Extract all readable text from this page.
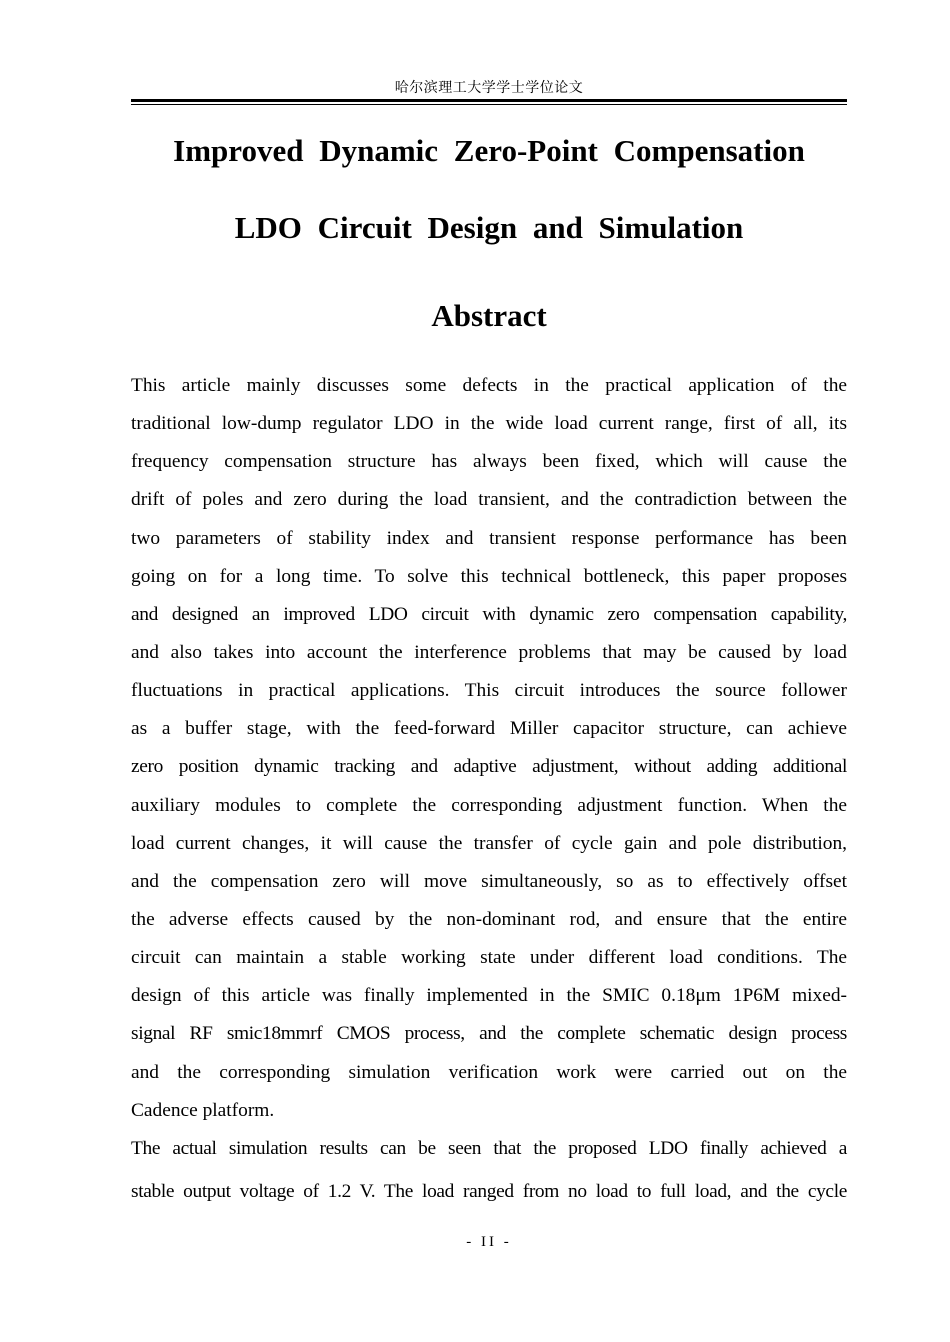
哈尔滨理工大学学士学位论文
Improved Dynamic Zero-Point Compensation
LDO Circuit Design and Simulation
Abstract
This article mainly discusses some defects in the practical application of the
traditional low-dump regulator LDO in the wide load current range, first of all, its
frequency compensation structure has always been fixed, which will cause the
drift of poles and zero during the load transient, and the contradiction between the
two parameters of stability index and transient response performance has been
going on for a long time. To solve this technical bottleneck, this paper proposes
and designed an improved LDO circuit with dynamic zero compensation capability,
and also takes into account the interference problems that may be caused by load
fluctuations in practical applications. This circuit introduces the source follower
as a buffer stage, with the feed-forward Miller capacitor structure, can achieve
zero position dynamic tracking and adaptive adjustment, without adding additional
auxiliary modules to complete the corresponding adjustment function. When the
load current changes, it will cause the transfer of cycle gain and pole distribution,
and the compensation zero will move simultaneously, so as to effectively offset
the adverse effects caused by the non-dominant rod, and ensure that the entire
circuit can maintain a stable working state under different load conditions. The
design of this article was finally implemented in the SMIC 0.18μm 1P6M mixed-
signal RF smic18mmrf CMOS process, and the complete schematic design process
and the corresponding simulation verification work were carried out on the
Cadence platform.
The actual simulation results can be seen that the proposed LDO finally achieved a
stable output voltage of 1.2 V. The load ranged from no load to full load, and the cycle
- II -
